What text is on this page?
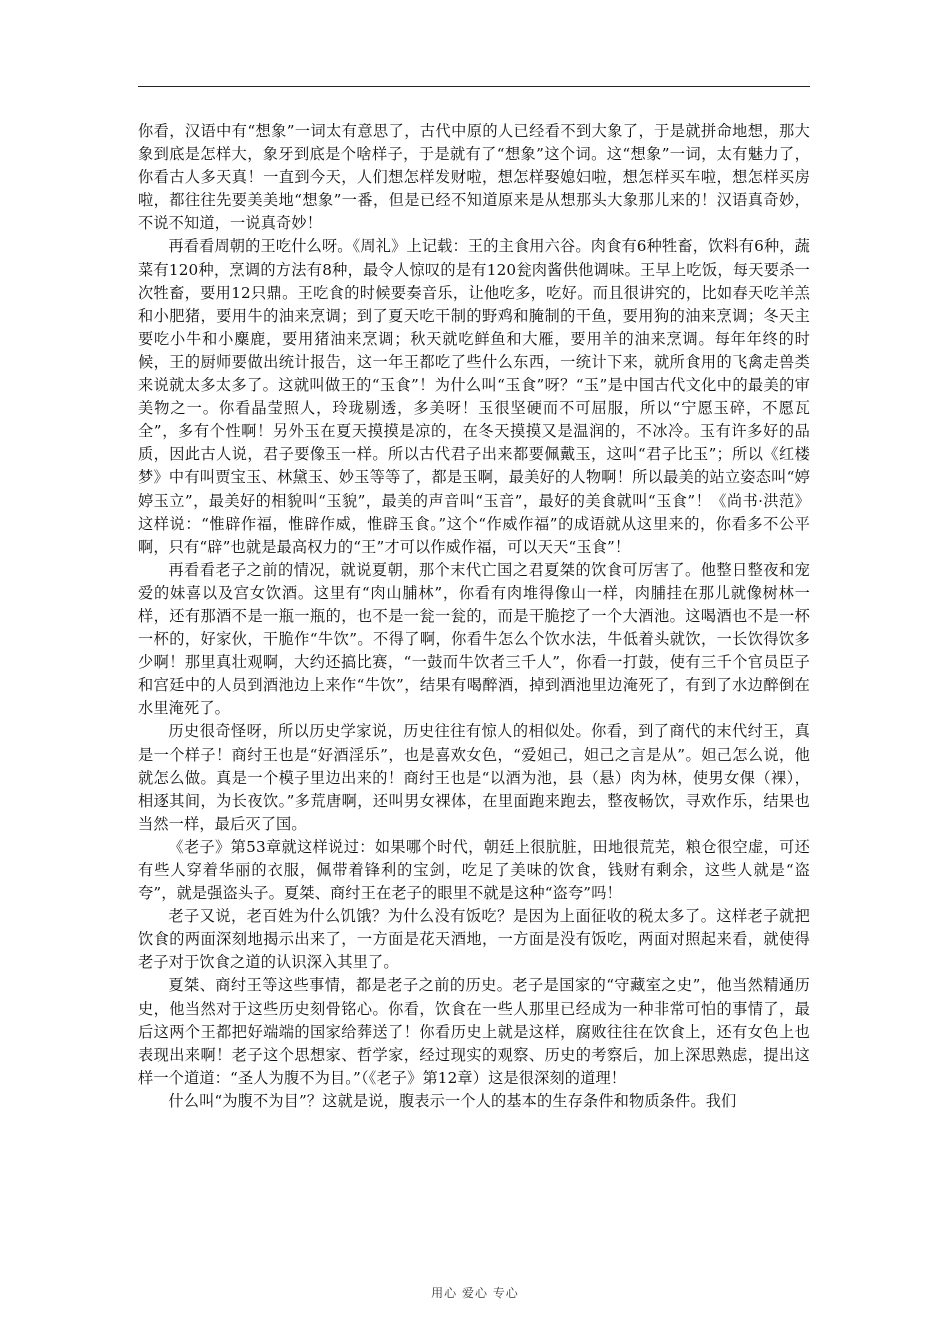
你看，汉语中有“想象”一词太有意思了，古代中原的人已经看不到大象了，于是就拼命地想，那大象到底是怎样大，象牙到底是个啥样子，于是就有了“想象”这个词。这“想象”一词，太有魅力了，你看古人多天真！一直到今天，人们想怎样发财啦，想怎样娶媳妇啦，想怎样买车啦，想怎样买房啦，都往往先要美美地“想象”一番，但是已经不知道原来是从想那头大象那儿来的！汉语真奇妙，不说不知道，一说真奇妙！

再看看周朝的王吃什么呀。《周礼》上记载：王的主食用六谷。肉食有6种牲畜，饮料有6种，蔬菜有120种，烹调的方法有8种，最令人惊叹的是有120瓮肉酱供他调味。王早上吃饭，每天要杀一次牲畜，要用12只鼎。王吃食的时候要奏音乐，让他吃多，吃好。而且很讲究的，比如春天吃羊羔和小肥猪，要用牛的油来烹调；到了夏天吃干制的野鸡和腌制的干鱼，要用狗的油来烹调；冬天主要吃小牛和小麋鹿，要用猪油来烹调；秋天就吃鲜鱼和大雁，要用羊的油来烹调。每年年终的时候，王的厨师要做出统计报告，这一年王都吃了些什么东西，一统计下来，就所食用的飞禽走兽类来说就太多太多了。这就叫做王的“玉食”！为什么叫“玉食”呀？“玉”是中国古代文化中的最美的审美物之一。你看晶莹照人，玲珑剔透，多美呀！玉很坚硬而不可屈服，所以“宁愿玉碎，不愿瓦全”，多有个性啊！另外玉在夏天摸摸是凉的，在冬天摸摸又是温润的，不冰冷。玉有许多好的品质，因此古人说，君子要像玉一样。所以古代君子出来都要佩戴玉，这叫“君子比玉”；所以《红楼梦》中有叫贾宝玉、林黛玉、妙玉等等了，都是玉啊，最美好的人物啊！所以最美的站立姿态叫“婷婷玉立”，最美好的相貌叫“玉貌”，最美的声音叫“玉音”，最好的美食就叫“玉食”！《尚书·洪范》这样说：“惟辟作福，惟辟作威，惟辟玉食。”这个“作威作福”的成语就从这里来的，你看多不公平啊，只有“辟”也就是最高权力的“王”才可以作威作福，可以天天“玉食”！

再看看老子之前的情况，就说夏朝，那个末代亡国之君夏桀的饮食可厉害了。他整日整夜和宠爱的妹喜以及宫女饮酒。这里有“肉山脯林”，你看有肉堆得像山一样，肉脯挂在那儿就像树林一样，还有那酒不是一瓶一瓶的，也不是一瓮一瓮的，而是干脆挖了一个大酒池。这喝酒也不是一杯一杯的，好家伙，干脆作“牛饮”。不得了啊，你看牛怎么个饮水法，牛低着头就饮，一长饮得饮多少啊！那里真壮观啊，大约还搞比赛，“一鼓而牛饮者三千人”，你看一打鼓，使有三千个官员臣子和宫廷中的人员到酒池边上来作“牛饮”，结果有喝醉酒，掉到酒池里边淹死了，有到了水边醉倒在水里淹死了。

历史很奇怪呀，所以历史学家说，历史往往有惊人的相似处。你看，到了商代的末代纣王，真是一个样子！商纣王也是“好酒淫乐”，也是喜欢女色，“爱妲己，妲己之言是从”。妲己怎么说，他就怎么做。真是一个模子里边出来的！商纣王也是“以酒为池，县（悬）肉为林，使男女倮（裸），相逐其间，为长夜饮。”多荒唐啊，还叫男女裸体，在里面跑来跑去，整夜畅饮，寻欢作乐，结果也当然一样，最后灭了国。

《老子》第53章就这样说过：如果哪个时代，朝廷上很肮脏，田地很荒芜，粮仓很空虚，可还有些人穿着华丽的衣服，佩带着锋利的宝剑，吃足了美味的饮食，钱财有剩余，这些人就是“盗夸”，就是强盗头子。夏桀、商纣王在老子的眼里不就是这种“盗夸”吗！

老子又说，老百姓为什么饥饿？为什么没有饭吃？是因为上面征收的税太多了。这样老子就把饮食的两面深刻地揭示出来了，一方面是花天酒地，一方面是没有饭吃，两面对照起来看，就使得老子对于饮食之道的认识深入其里了。

夏桀、商纣王等这些事情，都是老子之前的历史。老子是国家的“守藏室之史”，他当然精通历史，他当然对于这些历史刻骨铭心。你看，饮食在一些人那里已经成为一种非常可怕的事情了，最后这两个王都把好端端的国家给葬送了！你看历史上就是这样，腐败往往在饮食上，还有女色上也表现出来啊！老子这个思想家、哲学家，经过现实的观察、历史的考察后，加上深思熟虑，提出这样一个道道：“圣人为腹不为目。”（《老子》第12章）这是很深刻的道理！

什么叫“为腹不为目”？这就是说，腹表示一个人的基本的生存条件和物质条件。我们

用心 爱心 专心
